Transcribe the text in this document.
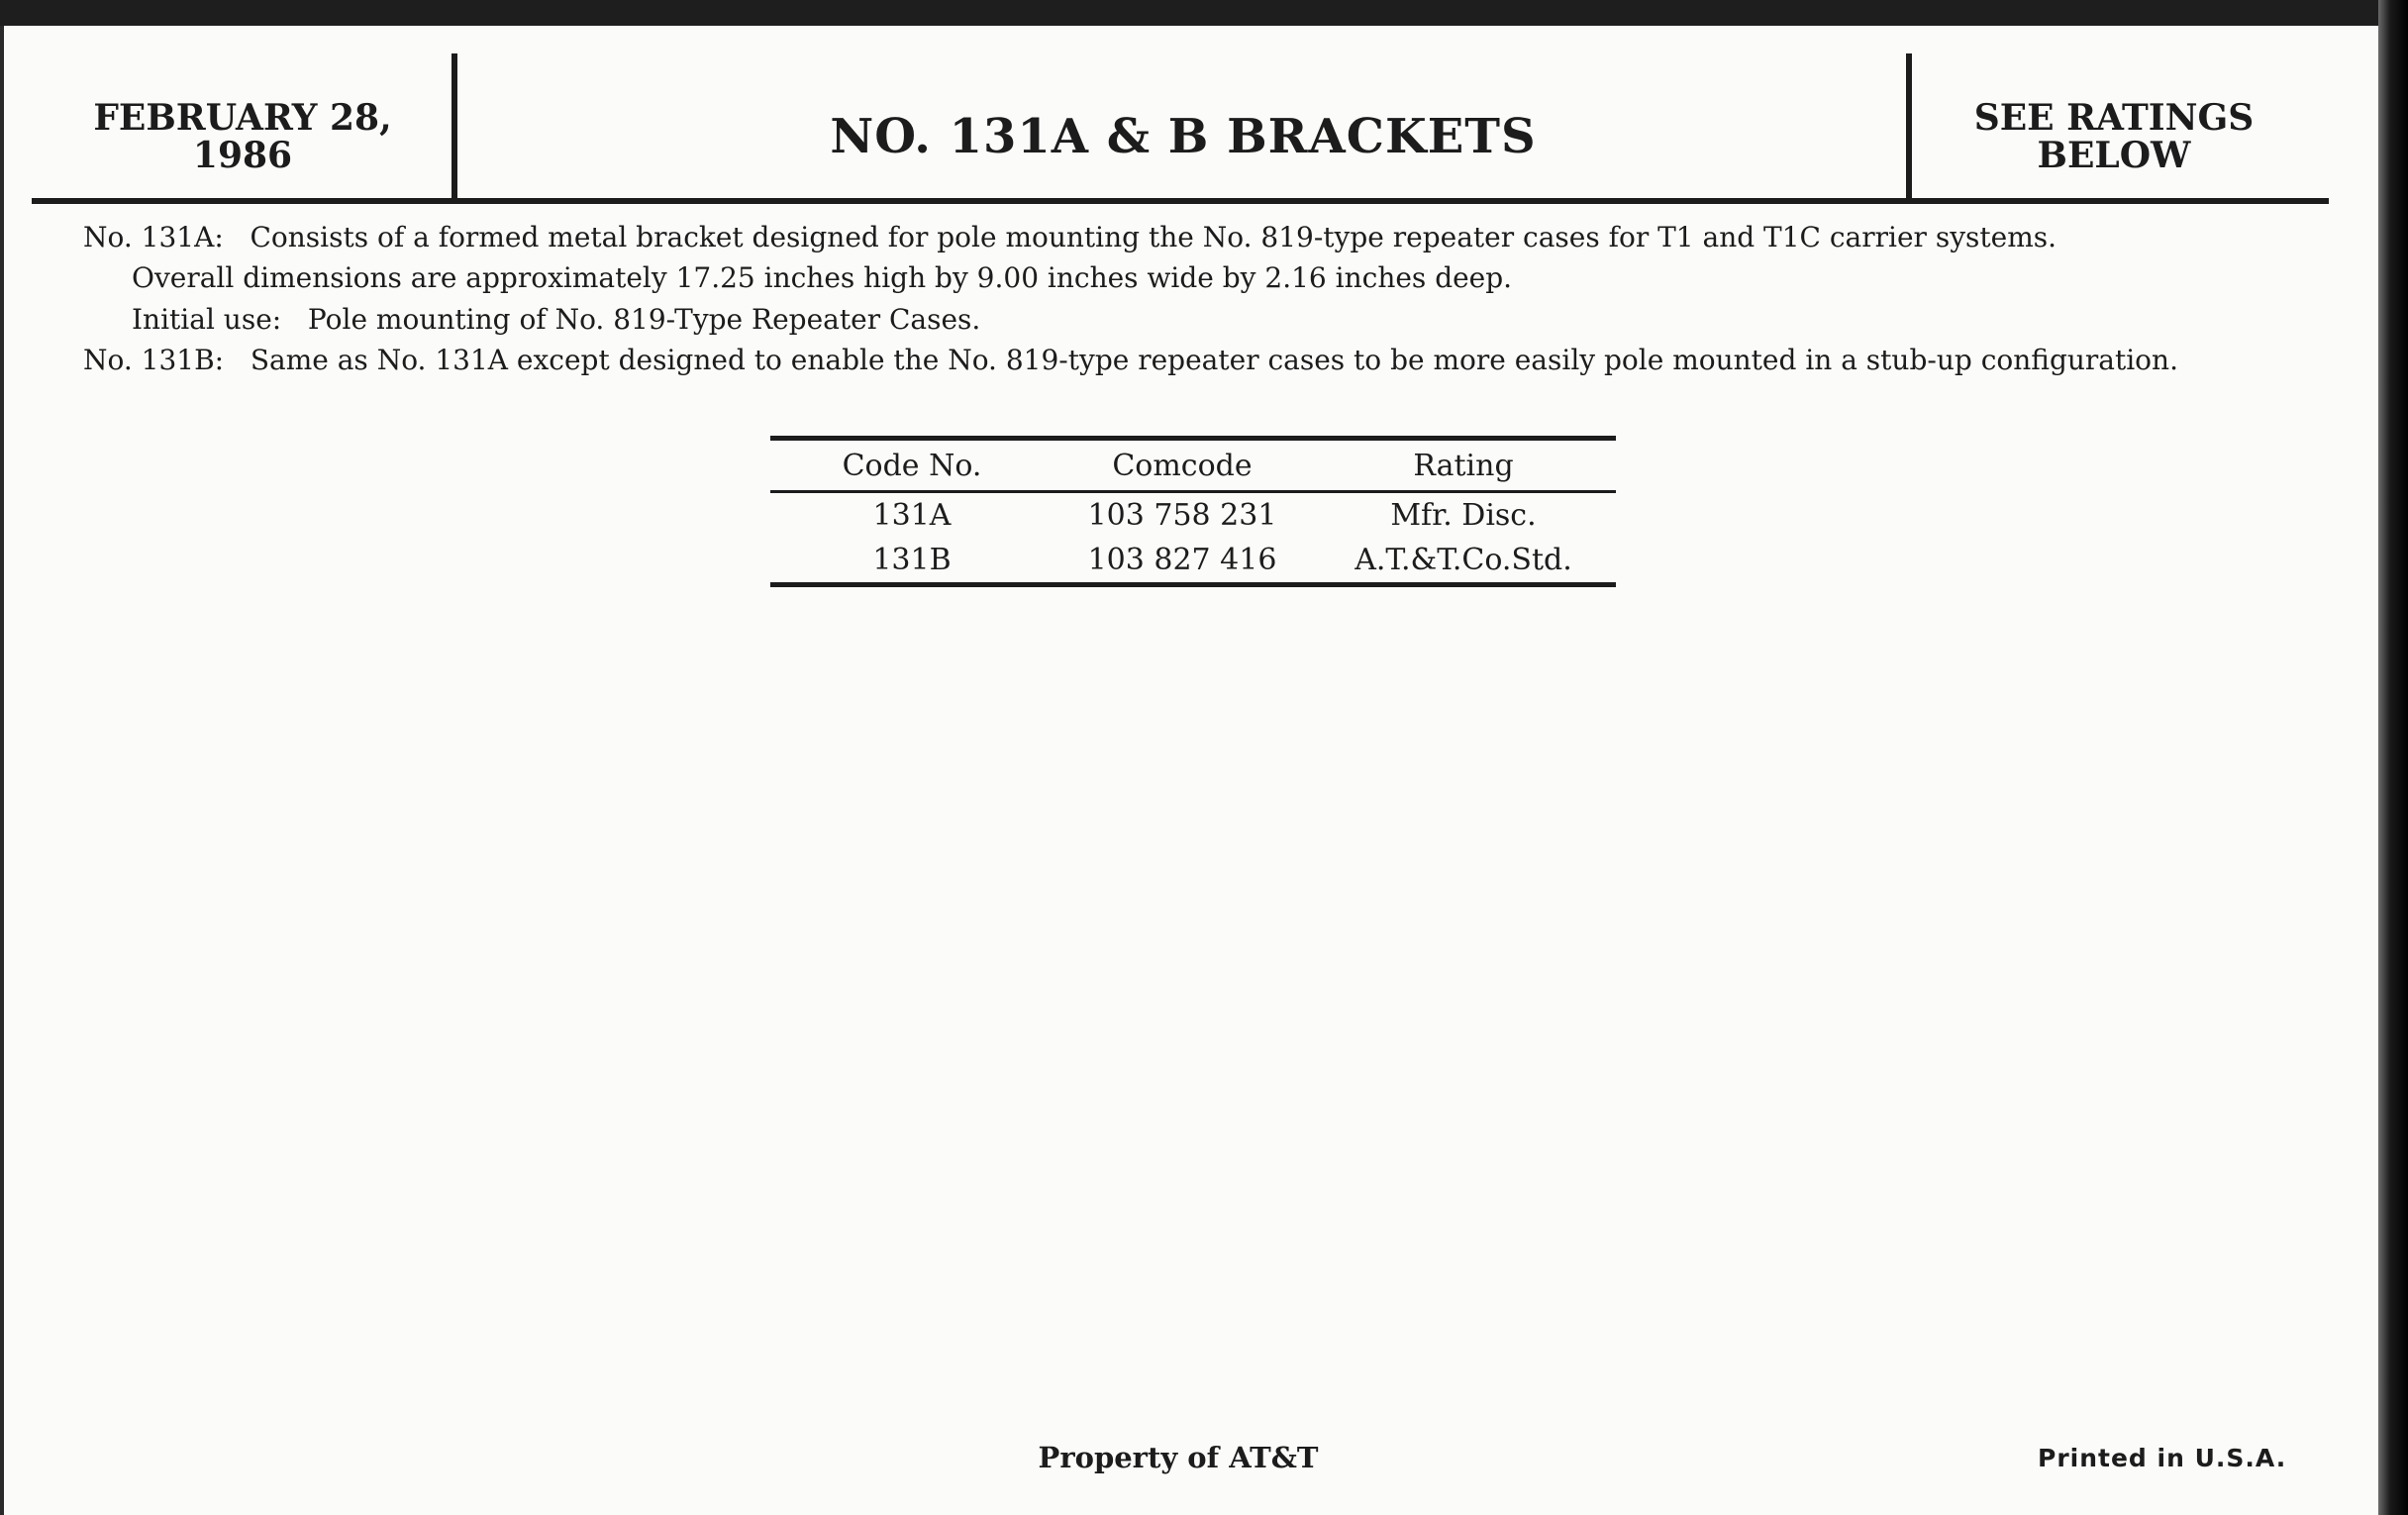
FEBRUARY 28,
1986	NO. 131A & B BRACKETS	SEE RATINGS
BELOW
No. 131A: Consists of a formed metal bracket designed for pole mounting the No. 819-type repeater cases for T1 and T1C carrier systems.
Overall dimensions are approximately 17.25 inches high by 9.00 inches wide by 2.16 inches deep.
Initial use: Pole mounting of No. 819-Type Repeater Cases.
No. 131B: Same as No. 131A except designed to enable the No. 819-type repeater cases to be more easily pole mounted in a stub-up configuration.
Code No.	Comcode	Rating
131A	103 758 231	Mfr. Disc.
131B	103 827 416	A.T.&T.Co.Std.
Property of AT&T	Printed in U.S.A.
